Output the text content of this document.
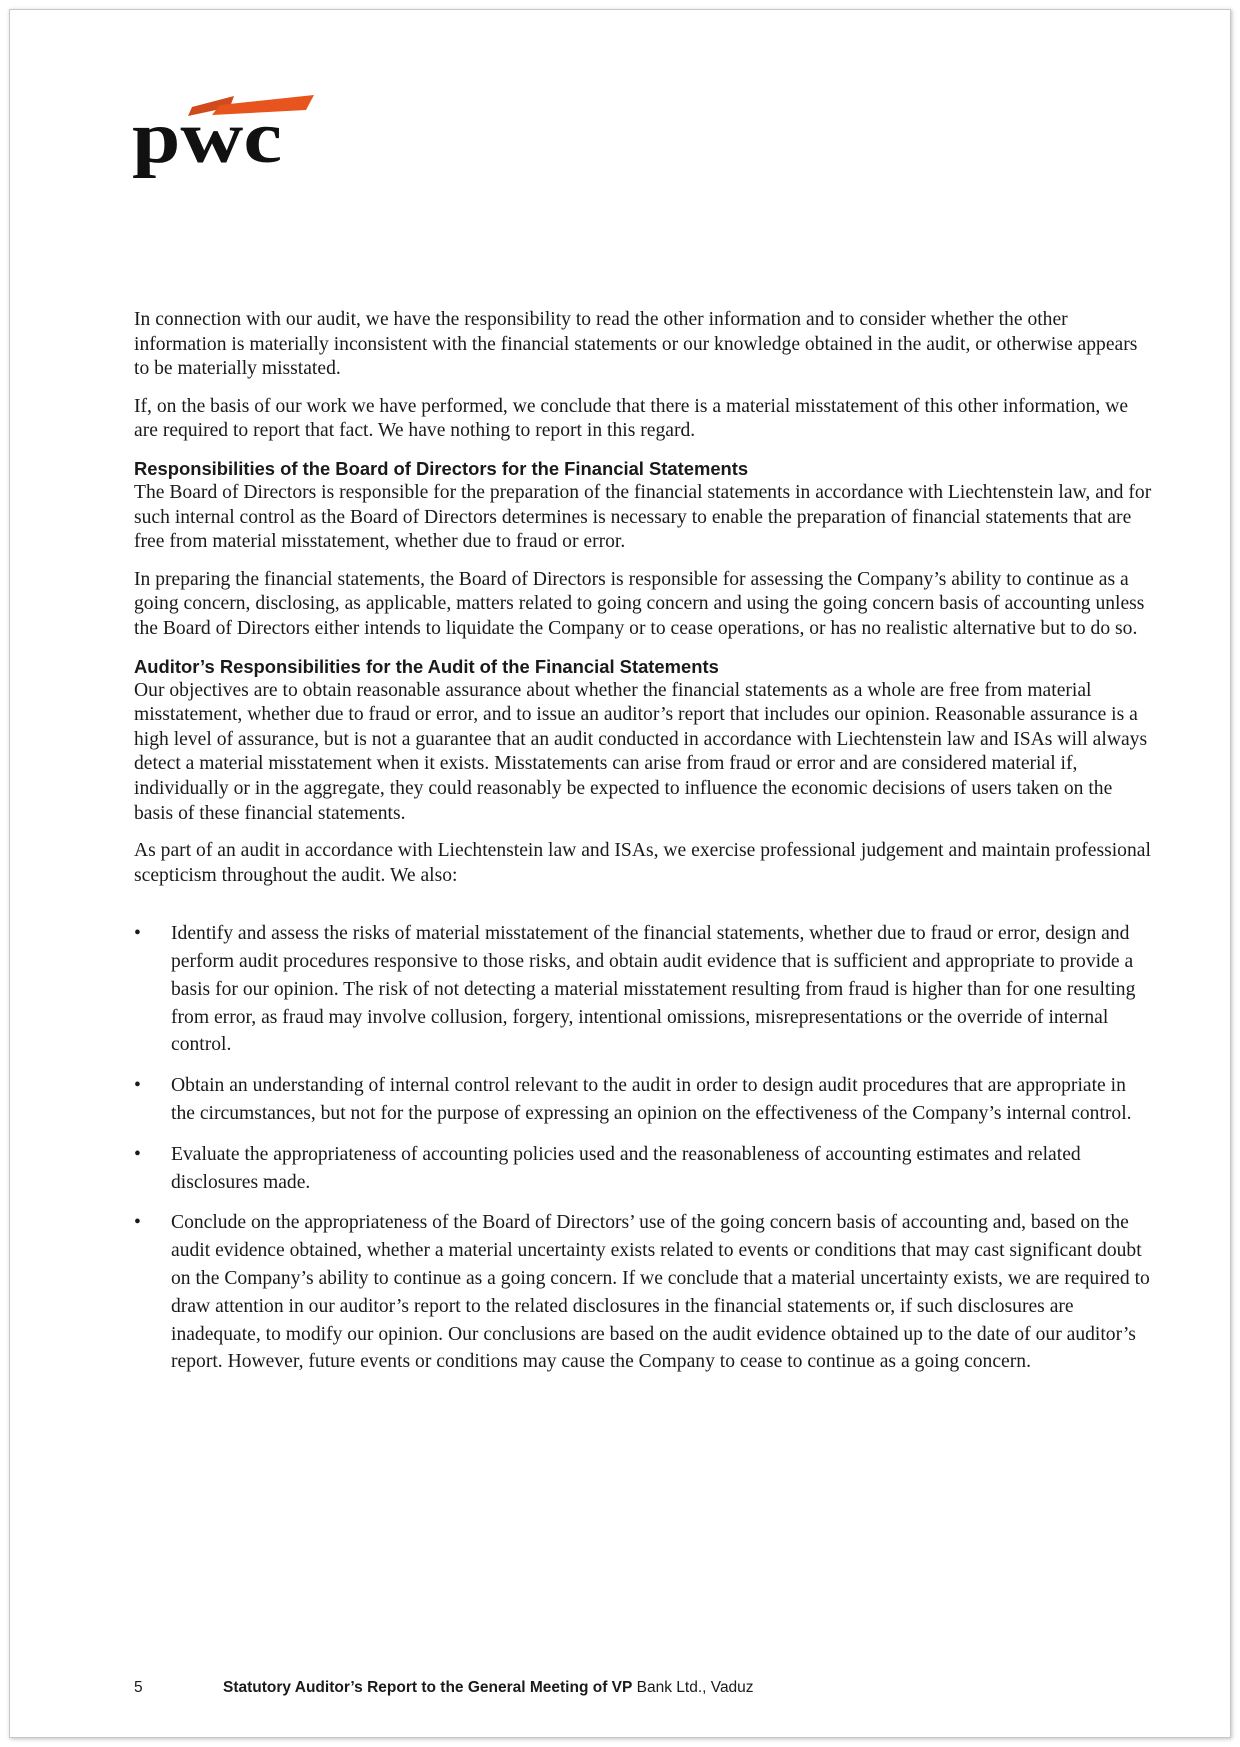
pwc

In connection with our audit, we have the responsibility to read the other information and to consider whether the other information is materially inconsistent with the financial statements or our knowledge obtained in the audit, or otherwise appears to be materially misstated.

If, on the basis of our work we have performed, we conclude that there is a material misstatement of this other information, we are required to report that fact. We have nothing to report in this regard.

Responsibilities of the Board of Directors for the Financial Statements

The Board of Directors is responsible for the preparation of the financial statements in accordance with Liechtenstein law, and for such internal control as the Board of Directors determines is necessary to enable the preparation of financial statements that are free from material misstatement, whether due to fraud or error.

In preparing the financial statements, the Board of Directors is responsible for assessing the Company’s ability to continue as a going concern, disclosing, as applicable, matters related to going concern and using the going concern basis of accounting unless the Board of Directors either intends to liquidate the Company or to cease operations, or has no realistic alternative but to do so.

Auditor’s Responsibilities for the Audit of the Financial Statements

Our objectives are to obtain reasonable assurance about whether the financial statements as a whole are free from material misstatement, whether due to fraud or error, and to issue an auditor’s report that includes our opinion. Reasonable assurance is a high level of assurance, but is not a guarantee that an audit conducted in accordance with Liechtenstein law and ISAs will always detect a material misstatement when it exists. Misstatements can arise from fraud or error and are considered material if, individually or in the aggregate, they could reasonably be expected to influence the economic decisions of users taken on the basis of these financial statements.

As part of an audit in accordance with Liechtenstein law and ISAs, we exercise professional judgement and maintain professional scepticism throughout the audit. We also:

• Identify and assess the risks of material misstatement of the financial statements, whether due to fraud or error, design and perform audit procedures responsive to those risks, and obtain audit evidence that is sufficient and appropriate to provide a basis for our opinion. The risk of not detecting a material misstatement resulting from fraud is higher than for one resulting from error, as fraud may involve collusion, forgery, intentional omissions, misrepresentations or the override of internal control.
• Obtain an understanding of internal control relevant to the audit in order to design audit procedures that are appropriate in the circumstances, but not for the purpose of expressing an opinion on the effectiveness of the Company’s internal control.
• Evaluate the appropriateness of accounting policies used and the reasonableness of accounting estimates and related disclosures made.
• Conclude on the appropriateness of the Board of Directors’ use of the going concern basis of accounting and, based on the audit evidence obtained, whether a material uncertainty exists related to events or conditions that may cast significant doubt on the Company’s ability to continue as a going concern. If we conclude that a material uncertainty exists, we are required to draw attention in our auditor’s report to the related disclosures in the financial statements or, if such disclosures are inadequate, to modify our opinion. Our conclusions are based on the audit evidence obtained up to the date of our auditor’s report. However, future events or conditions may cause the Company to cease to continue as a going concern.
5	Statutory Auditor’s Report to the General Meeting of VP Bank Ltd., Vaduz
